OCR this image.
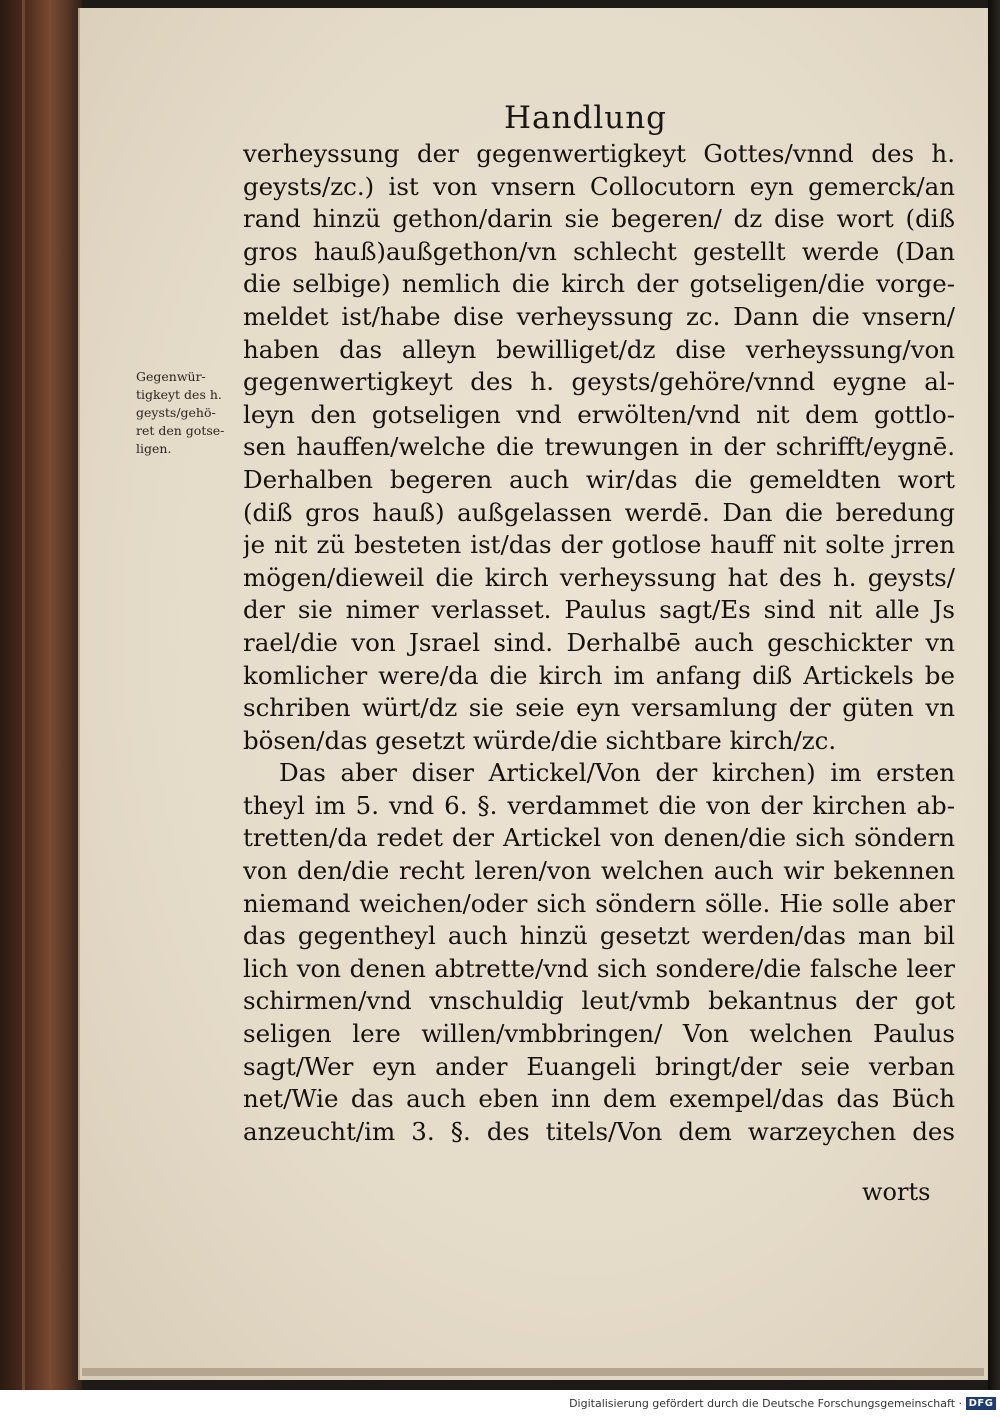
Handlung
Gegenwür-
tigkeyt des h.
geysts/gehö-
ret den gotse-
ligen.
verheyssung der gegenwertigkeyt Gottes/vnnd des h.
geysts/zc.) ist von vnsern Collocutorn eyn gemerck/an
rand hinzü gethon/darin sie begeren/ dz dise wort (diß
gros hauß)außgethon/vn schlecht gestellt werde (Dan
die selbige) nemlich die kirch der gotseligen/die vorge-
meldet ist/habe dise verheyssung zc. Dann die vnsern/
haben das alleyn bewilliget/dz dise verheyssung/von
gegenwertigkeyt des h. geysts/gehöre/vnnd eygne al-
leyn den gotseligen vnd erwölten/vnd nit dem gottlo-
sen hauffen/welche die trewungen in der schrifft/eygnē.
Derhalben begeren auch wir/das die gemeldten wort
(diß gros hauß) außgelassen werdē. Dan die beredung
je nit zü besteten ist/das der gotlose hauff nit solte jrren
mögen/dieweil die kirch verheyssung hat des h. geysts/
der sie nimer verlasset. Paulus sagt/Es sind nit alle Js
rael/die von Jsrael sind. Derhalbē auch geschickter vn
komlicher were/da die kirch im anfang diß Artickels be
schriben würt/dz sie seie eyn versamlung der güten vn
bösen/das gesetzt würde/die sichtbare kirch/zc.
Das aber diser Artickel/Von der kirchen) im ersten
theyl im 5. vnd 6. §. verdammet die von der kirchen ab-
tretten/da redet der Artickel von denen/die sich söndern
von den/die recht leren/von welchen auch wir bekennen
niemand weichen/oder sich söndern sölle. Hie solle aber
das gegentheyl auch hinzü gesetzt werden/das man bil
lich von denen abtrette/vnd sich sondere/die falsche leer
schirmen/vnd vnschuldig leut/vmb bekantnus der got
seligen lere willen/vmbbringen/ Von welchen Paulus
sagt/Wer eyn ander Euangeli bringt/der seie verban
net/Wie das auch eben inn dem exempel/das das Büch
anzeucht/im 3. §. des titels/Von dem warzeychen des
worts
Digitalisierung gefördert durch die Deutsche Forschungsgemeinschaft · DFG
